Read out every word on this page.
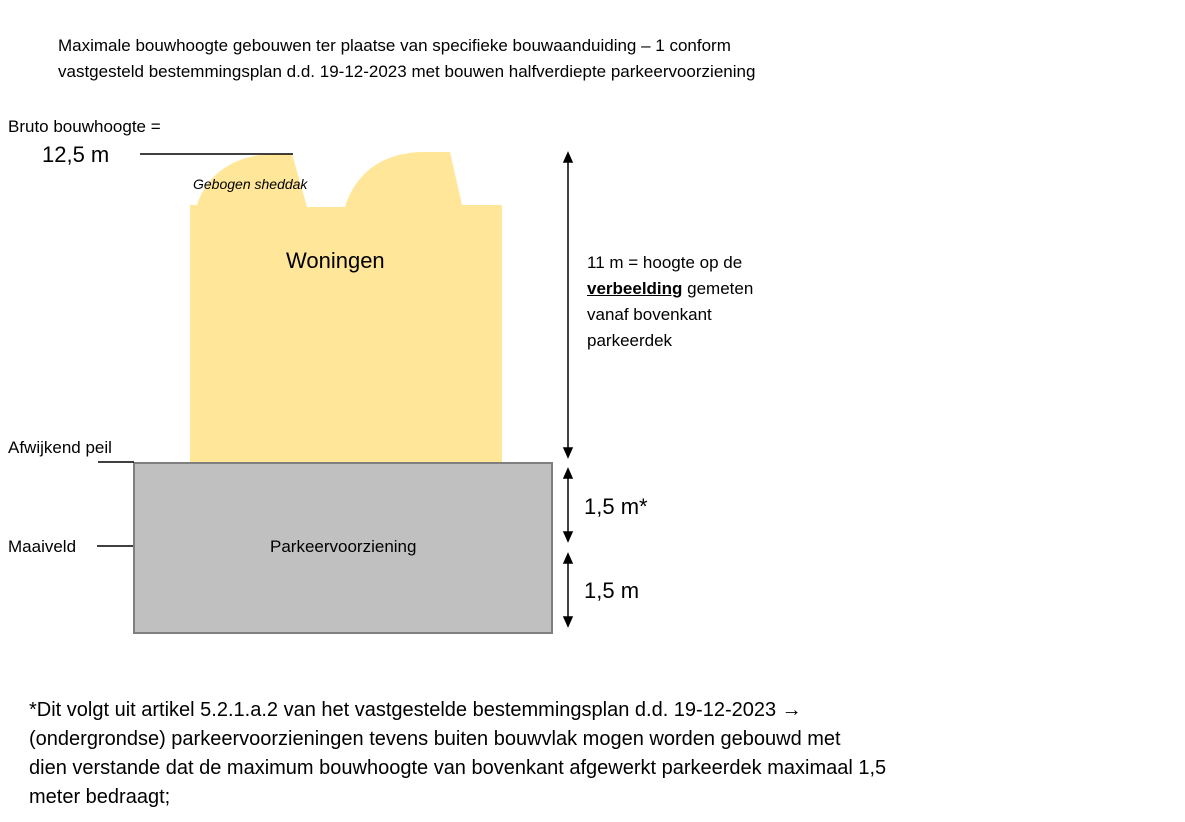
Maximale bouwhoogte gebouwen ter plaatse van specifieke bouwaanduiding – 1 conform
vastgesteld bestemmingsplan d.d. 19-12-2023 met bouwen halfverdiepte parkeervoorziening
Bruto bouwhoogte =
12,5 m
Gebogen sheddak
Woningen
Afwijkend peil
Maaiveld	Parkeervoorziening
11 m = hoogte op de
verbeelding gemeten
vanaf bovenkant
parkeerdek
1,5 m*
1,5 m
*Dit volgt uit artikel 5.2.1.a.2 van het vastgestelde bestemmingsplan d.d. 19-12-2023 →
(ondergrondse) parkeervoorzieningen tevens buiten bouwvlak mogen worden gebouwd met
dien verstande dat de maximum bouwhoogte van bovenkant afgewerkt parkeerdek maximaal 1,5
meter bedraagt;
